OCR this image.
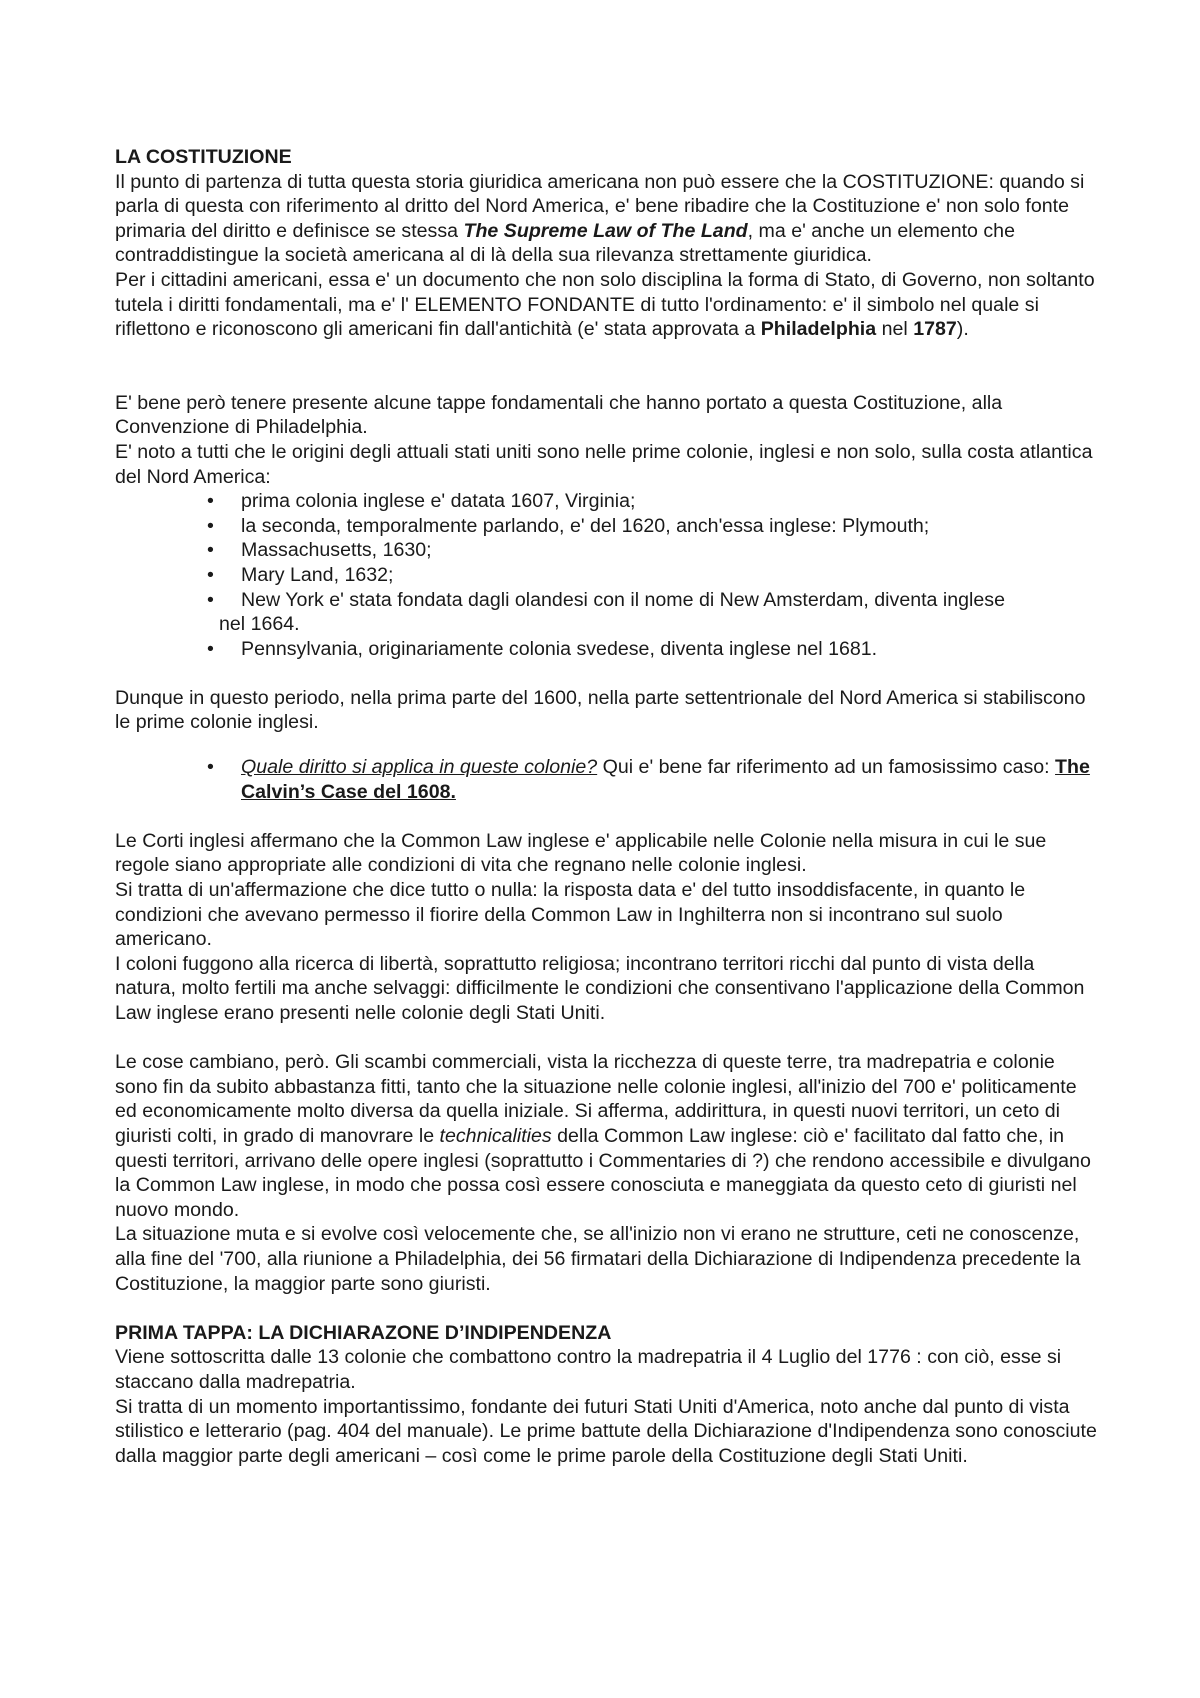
LA COSTITUZIONE

Il punto di partenza di tutta questa storia giuridica americana non può essere che la COSTITUZIONE: quando si parla di questa con riferimento al dritto del Nord America, e' bene ribadire che la Costituzione e' non solo fonte primaria del diritto e definisce se stessa The Supreme Law of The Land, ma e' anche un elemento che contraddistingue la società americana al di là della sua rilevanza strettamente giuridica.

Per i cittadini americani, essa e' un documento che non solo disciplina la forma di Stato, di Governo, non soltanto tutela i diritti fondamentali, ma e' l' ELEMENTO FONDANTE di tutto l'ordinamento: e' il simbolo nel quale si riflettono e riconoscono gli americani fin dall'antichità (e' stata approvata a Philadelphia nel 1787).

E' bene però tenere presente alcune tappe fondamentali che hanno portato a questa Costituzione, alla Convenzione di Philadelphia.

E' noto a tutti che le origini degli attuali stati uniti sono nelle prime colonie, inglesi e non solo, sulla costa atlantica del Nord America:

•	prima colonia inglese e' datata 1607, Virginia;
•	la seconda, temporalmente parlando, e' del 1620, anch'essa inglese: Plymouth;
•	Massachusetts, 1630;
•	Mary Land, 1632;
•	New York e' stata fondata dagli olandesi con il nome di New Amsterdam, diventa inglese
nel 1664.
•	Pennsylvania, originariamente colonia svedese, diventa inglese nel 1681.

Dunque in questo periodo, nella prima parte del 1600, nella parte settentrionale del Nord America si stabiliscono le prime colonie inglesi.

•	Quale diritto si applica in queste colonie? Qui e' bene far riferimento ad un famosissimo caso: The Calvin’s Case del 1608.

Le Corti inglesi affermano che la Common Law inglese e' applicabile nelle Colonie nella misura in cui le sue regole siano appropriate alle condizioni di vita che regnano nelle colonie inglesi.

Si tratta di un'affermazione che dice tutto o nulla: la risposta data e' del tutto insoddisfacente, in quanto le condizioni che avevano permesso il fiorire della Common Law in Inghilterra non si incontrano sul suolo americano.

I coloni fuggono alla ricerca di libertà, soprattutto religiosa; incontrano territori ricchi dal punto di vista della natura, molto fertili ma anche selvaggi: difficilmente le condizioni che consentivano l'applicazione della Common Law inglese erano presenti nelle colonie degli Stati Uniti.

Le cose cambiano, però. Gli scambi commerciali, vista la ricchezza di queste terre, tra madrepatria e colonie sono fin da subito abbastanza fitti, tanto che la situazione nelle colonie inglesi, all'inizio del 700 e' politicamente ed economicamente molto diversa da quella iniziale. Si afferma, addirittura, in questi nuovi territori, un ceto di giuristi colti, in grado di manovrare le technicalities della Common Law inglese: ciò e' facilitato dal fatto che, in questi territori, arrivano delle opere inglesi (soprattutto i Commentaries di ?) che rendono accessibile e divulgano la Common Law inglese, in modo che possa così essere conosciuta e maneggiata da questo ceto di giuristi nel nuovo mondo.

La situazione muta e si evolve così velocemente che, se all'inizio non vi erano ne strutture, ceti ne conoscenze, alla fine del '700, alla riunione a Philadelphia, dei 56 firmatari della Dichiarazione di Indipendenza precedente la Costituzione, la maggior parte sono giuristi.

PRIMA TAPPA: LA DICHIARAZONE D’INDIPENDENZA

Viene sottoscritta dalle 13 colonie che combattono contro la madrepatria il 4 Luglio del 1776 : con ciò, esse si staccano dalla madrepatria.

Si tratta di un momento importantissimo, fondante dei futuri Stati Uniti d'America, noto anche dal punto di vista stilistico e letterario (pag. 404 del manuale). Le prime battute della Dichiarazione d'Indipendenza sono conosciute dalla maggior parte degli americani – così come le prime parole della Costituzione degli Stati Uniti.
